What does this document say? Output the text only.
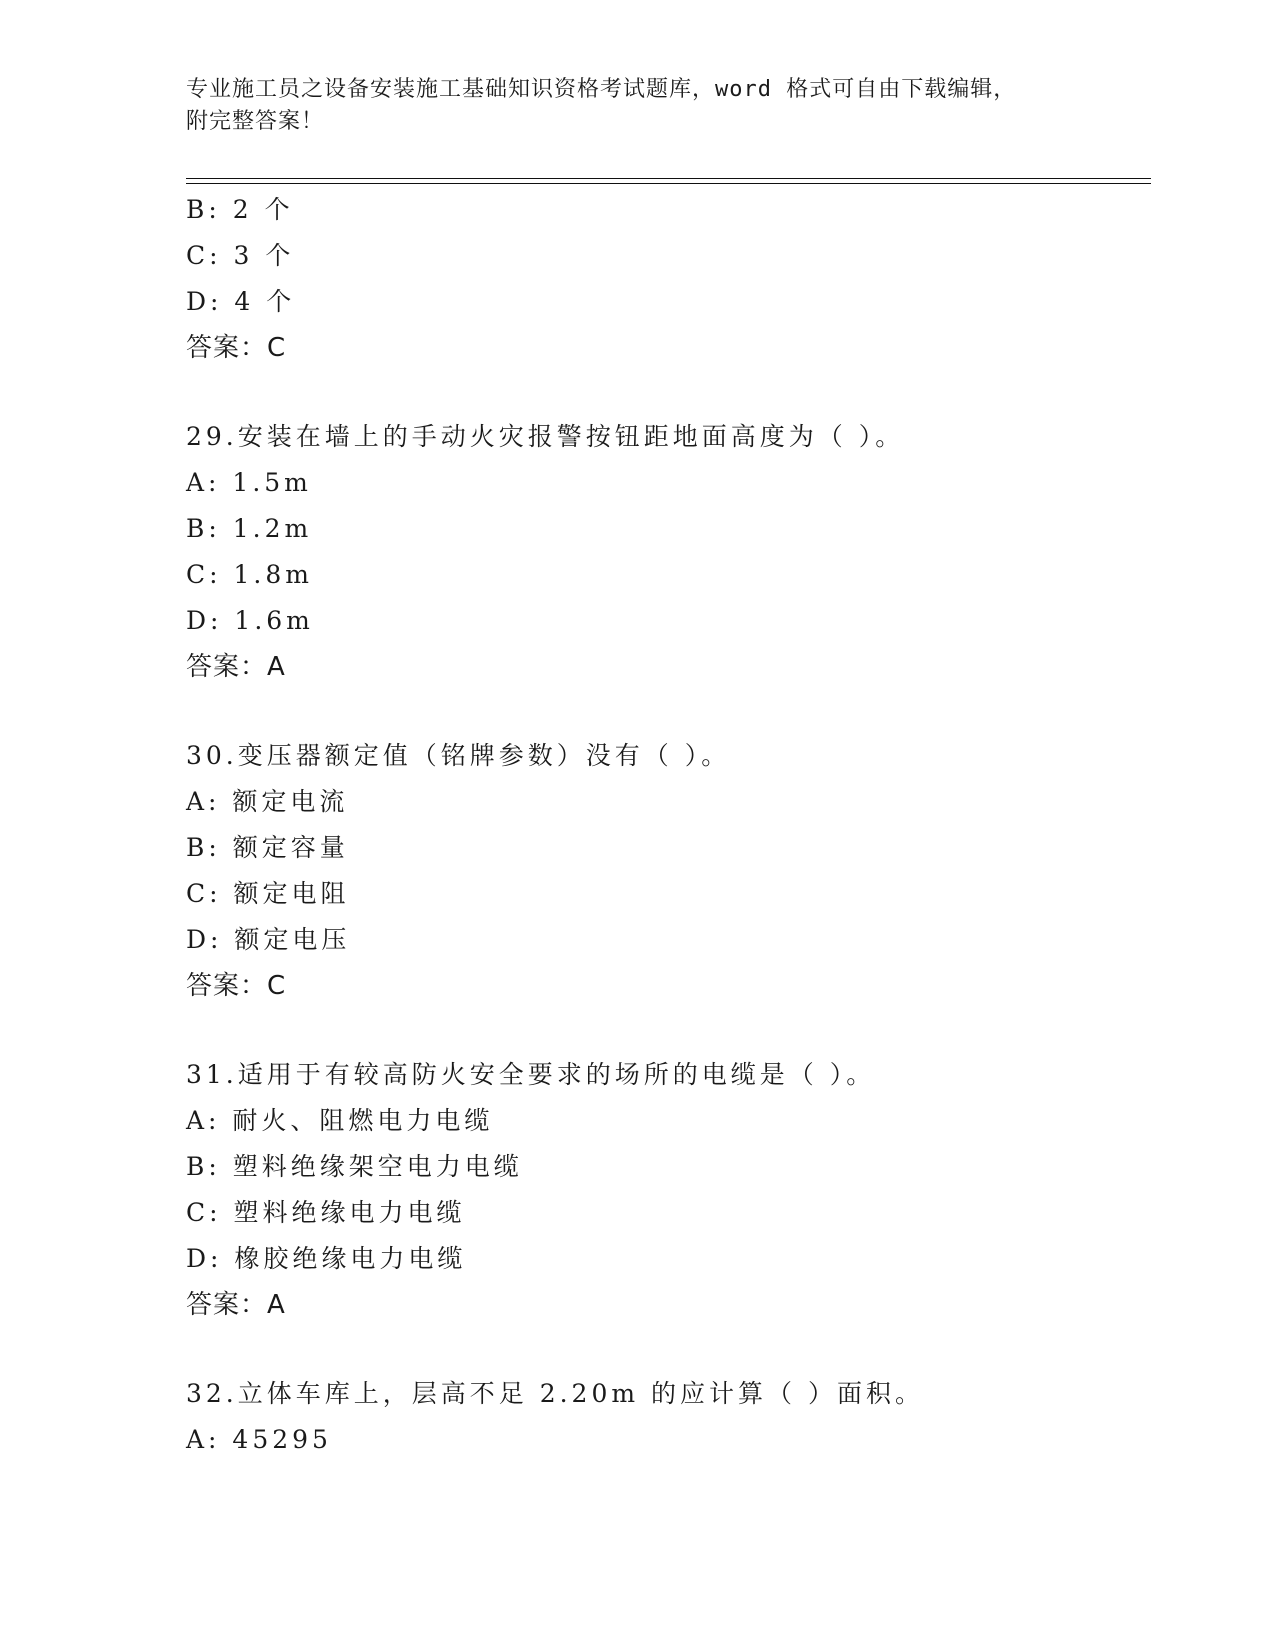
专业施工员之设备安装施工基础知识资格考试题库，word 格式可自由下载编辑，
附完整答案！
B: 2 个
C: 3 个
D: 4 个
答案：C
29.安装在墙上的手动火灾报警按钮距地面高度为（ ）。
A: 1.5m
B: 1.2m
C: 1.8m
D: 1.6m
答案：A
30.变压器额定值（铭牌参数）没有（ ）。
A: 额定电流
B: 额定容量
C: 额定电阻
D: 额定电压
答案：C
31.适用于有较高防火安全要求的场所的电缆是（ ）。
A: 耐火、阻燃电力电缆
B: 塑料绝缘架空电力电缆
C: 塑料绝缘电力电缆
D: 橡胶绝缘电力电缆
答案：A
32.立体车库上，层高不足 2.20m 的应计算（ ）面积。
A: 45295
